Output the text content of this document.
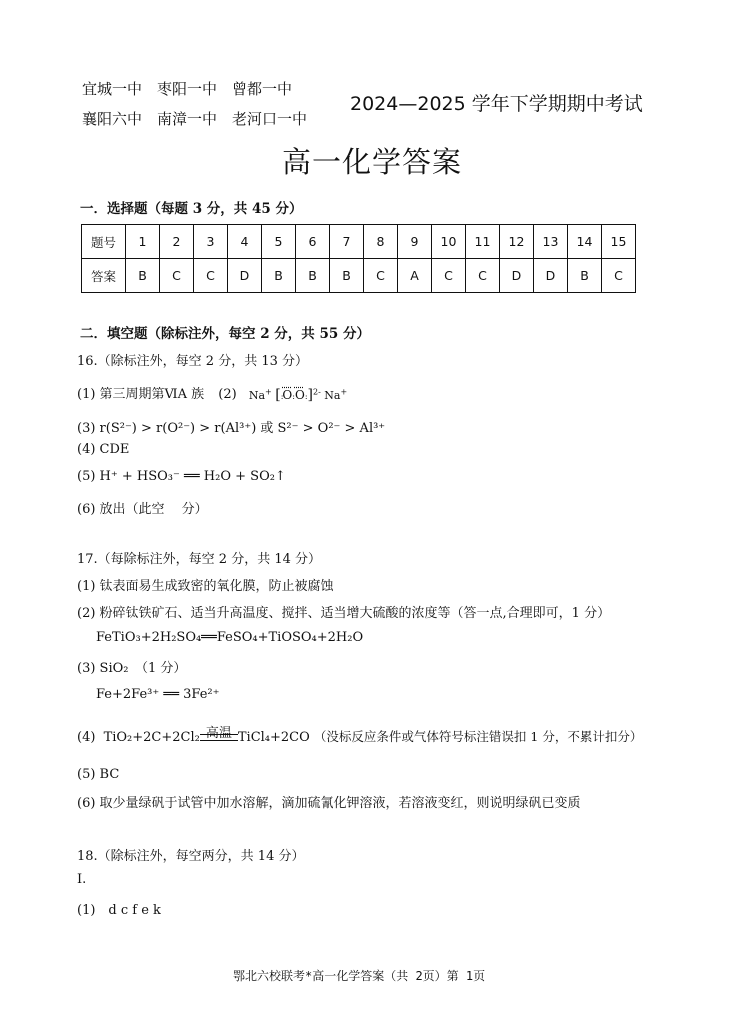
宜城一中　枣阳一中　曾都一中
襄阳六中　南漳一中　老河口一中
2024—2025 学年下学期期中考试
高一化学答案
一．选择题（每题 3 分，共 45 分）
题号	1	2	3	4	5	6	7	8	9	10	11	12	13	14	15
答案	B	C	C	D	B	B	B	C	A	C	C	D	D	B	C
二．填空题（除标注外，每空 2 分，共 55 分）
16.（除标注外，每空 2 分，共 13 分）
(1) 第三周期第ⅥA 族 (2) Na+ [:O:O:]$^{2-}$ Na+
(3) r(S²⁻) > r(O²⁻) > r(Al³⁺) 或 S²⁻ > O²⁻ > Al³⁺
(4) CDE
(5) H⁺ + HSO₃⁻ ══ H₂O + SO₂↑
(6) 放出（此空　 分）
17.（每除标注外，每空 2 分，共 14 分）
(1) 钛表面易生成致密的氧化膜，防止被腐蚀
(2) 粉碎钛铁矿石、适当升高温度、搅拌、适当增大硫酸的浓度等（答一点,合理即可，1 分）
FeTiO₃+2H₂SO₄══FeSO₄+TiOSO₄+2H₂O
(3) SiO₂　（1 分）
Fe+2Fe³⁺ ══ 3Fe²⁺
(4) TiO₂+2C+2Cl₂ 高温 TiCl₄+2CO （没标反应条件或气体符号标注错误扣 1 分，不累计扣分）
(5) BC
(6) 取少量绿矾于试管中加水溶解，滴加硫氰化钾溶液，若溶液变红，则说明绿矾已变质
18.（除标注外，每空两分，共 14 分）
Ⅰ.
(1)　d c f e k
鄂北六校联考*高一化学答案（共 2页）第 1页
